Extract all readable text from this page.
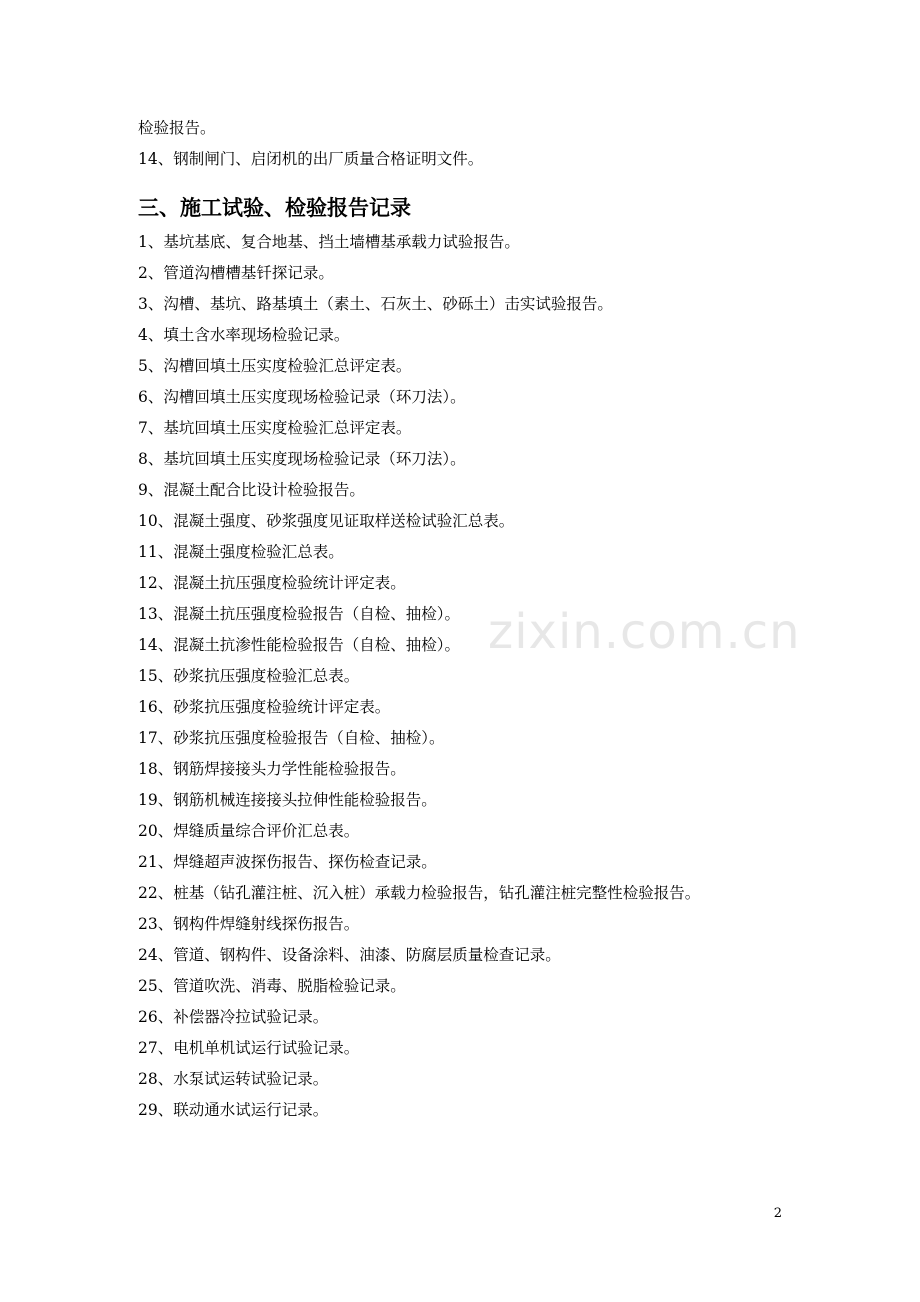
检验报告。
14、钢制闸门、启闭机的出厂质量合格证明文件。
三、施工试验、检验报告记录
1、基坑基底、复合地基、挡土墙槽基承载力试验报告。
2、管道沟槽槽基钎探记录。
3、沟槽、基坑、路基填土（素土、石灰土、砂砾土）击实试验报告。
4、填土含水率现场检验记录。
5、沟槽回填土压实度检验汇总评定表。
6、沟槽回填土压实度现场检验记录（环刀法）。
7、基坑回填土压实度检验汇总评定表。
8、基坑回填土压实度现场检验记录（环刀法）。
9、混凝土配合比设计检验报告。
10、混凝土强度、砂浆强度见证取样送检试验汇总表。
11、混凝土强度检验汇总表。
12、混凝土抗压强度检验统计评定表。
13、混凝土抗压强度检验报告（自检、抽检）。
14、混凝土抗渗性能检验报告（自检、抽检）。
15、砂浆抗压强度检验汇总表。
16、砂浆抗压强度检验统计评定表。
17、砂浆抗压强度检验报告（自检、抽检）。
18、钢筋焊接接头力学性能检验报告。
19、钢筋机械连接接头拉伸性能检验报告。
20、焊缝质量综合评价汇总表。
21、焊缝超声波探伤报告、探伤检查记录。
22、桩基（钻孔灌注桩、沉入桩）承载力检验报告，钻孔灌注桩完整性检验报告。
23、钢构件焊缝射线探伤报告。
24、管道、钢构件、设备涂料、油漆、防腐层质量检查记录。
25、管道吹洗、消毒、脱脂检验记录。
26、补偿器冷拉试验记录。
27、电机单机试运行试验记录。
28、水泵试运转试验记录。
29、联动通水试运行记录。
zixin.com.cn
2
